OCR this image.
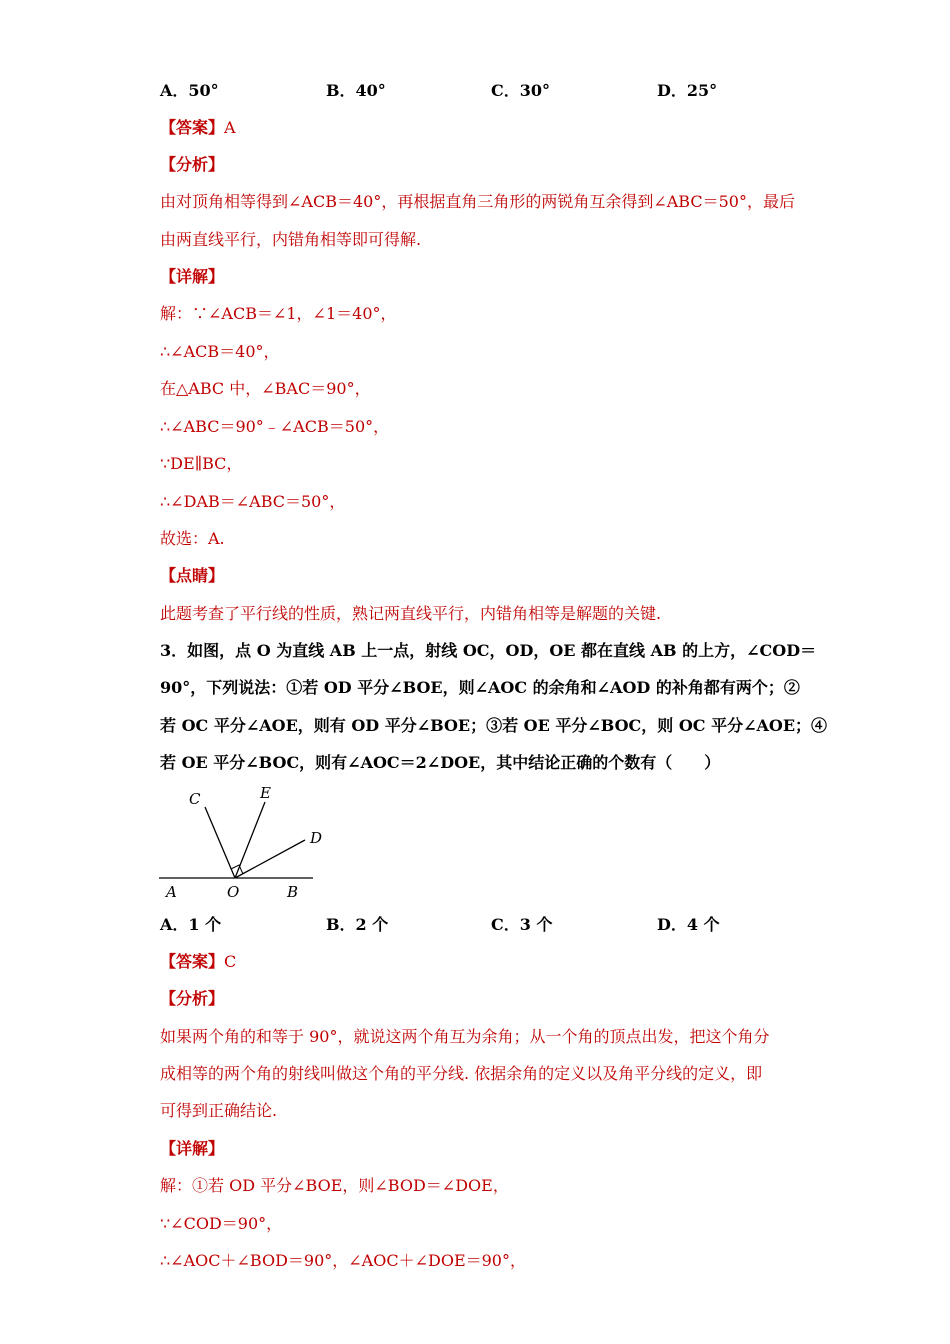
A．50°	B．40°	C．30°	D．25°
【答案】A
【分析】
由对顶角相等得到∠ACB＝40°，再根据直角三角形的两锐角互余得到∠ABC＝50°，最后
由两直线平行，内错角相等即可得解.
【详解】
解：∵∠ACB＝∠1，∠1＝40°，
∴∠ACB＝40°，
在△ABC 中，∠BAC＝90°，
∴∠ABC＝90°﹣∠ACB＝50°，
∵DE∥BC，
∴∠DAB＝∠ABC＝50°，
故选：A.
【点睛】
此题考查了平行线的性质，熟记两直线平行，内错角相等是解题的关键.
3．如图，点 O 为直线 AB 上一点，射线 OC，OD，OE 都在直线 AB 的上方，∠COD＝
90°，下列说法：①若 OD 平分∠BOE，则∠AOC 的余角和∠AOD 的补角都有两个；②
若 OC 平分∠AOE，则有 OD 平分∠BOE；③若 OE 平分∠BOC，则 OC 平分∠AOE；④
若 OE 平分∠BOC，则有∠AOC＝2∠DOE，其中结论正确的个数有（　　）
C	E
D
A	O	B
A．1 个	B．2 个	C．3 个	D．4 个
【答案】C
【分析】
如果两个角的和等于 90°，就说这两个角互为余角；从一个角的顶点出发，把这个角分
成相等的两个角的射线叫做这个角的平分线. 依据余角的定义以及角平分线的定义，即
可得到正确结论.
【详解】
解：①若 OD 平分∠BOE，则∠BOD＝∠DOE，
∵∠COD＝90°，
∴∠AOC＋∠BOD＝90°，∠AOC＋∠DOE＝90°，
